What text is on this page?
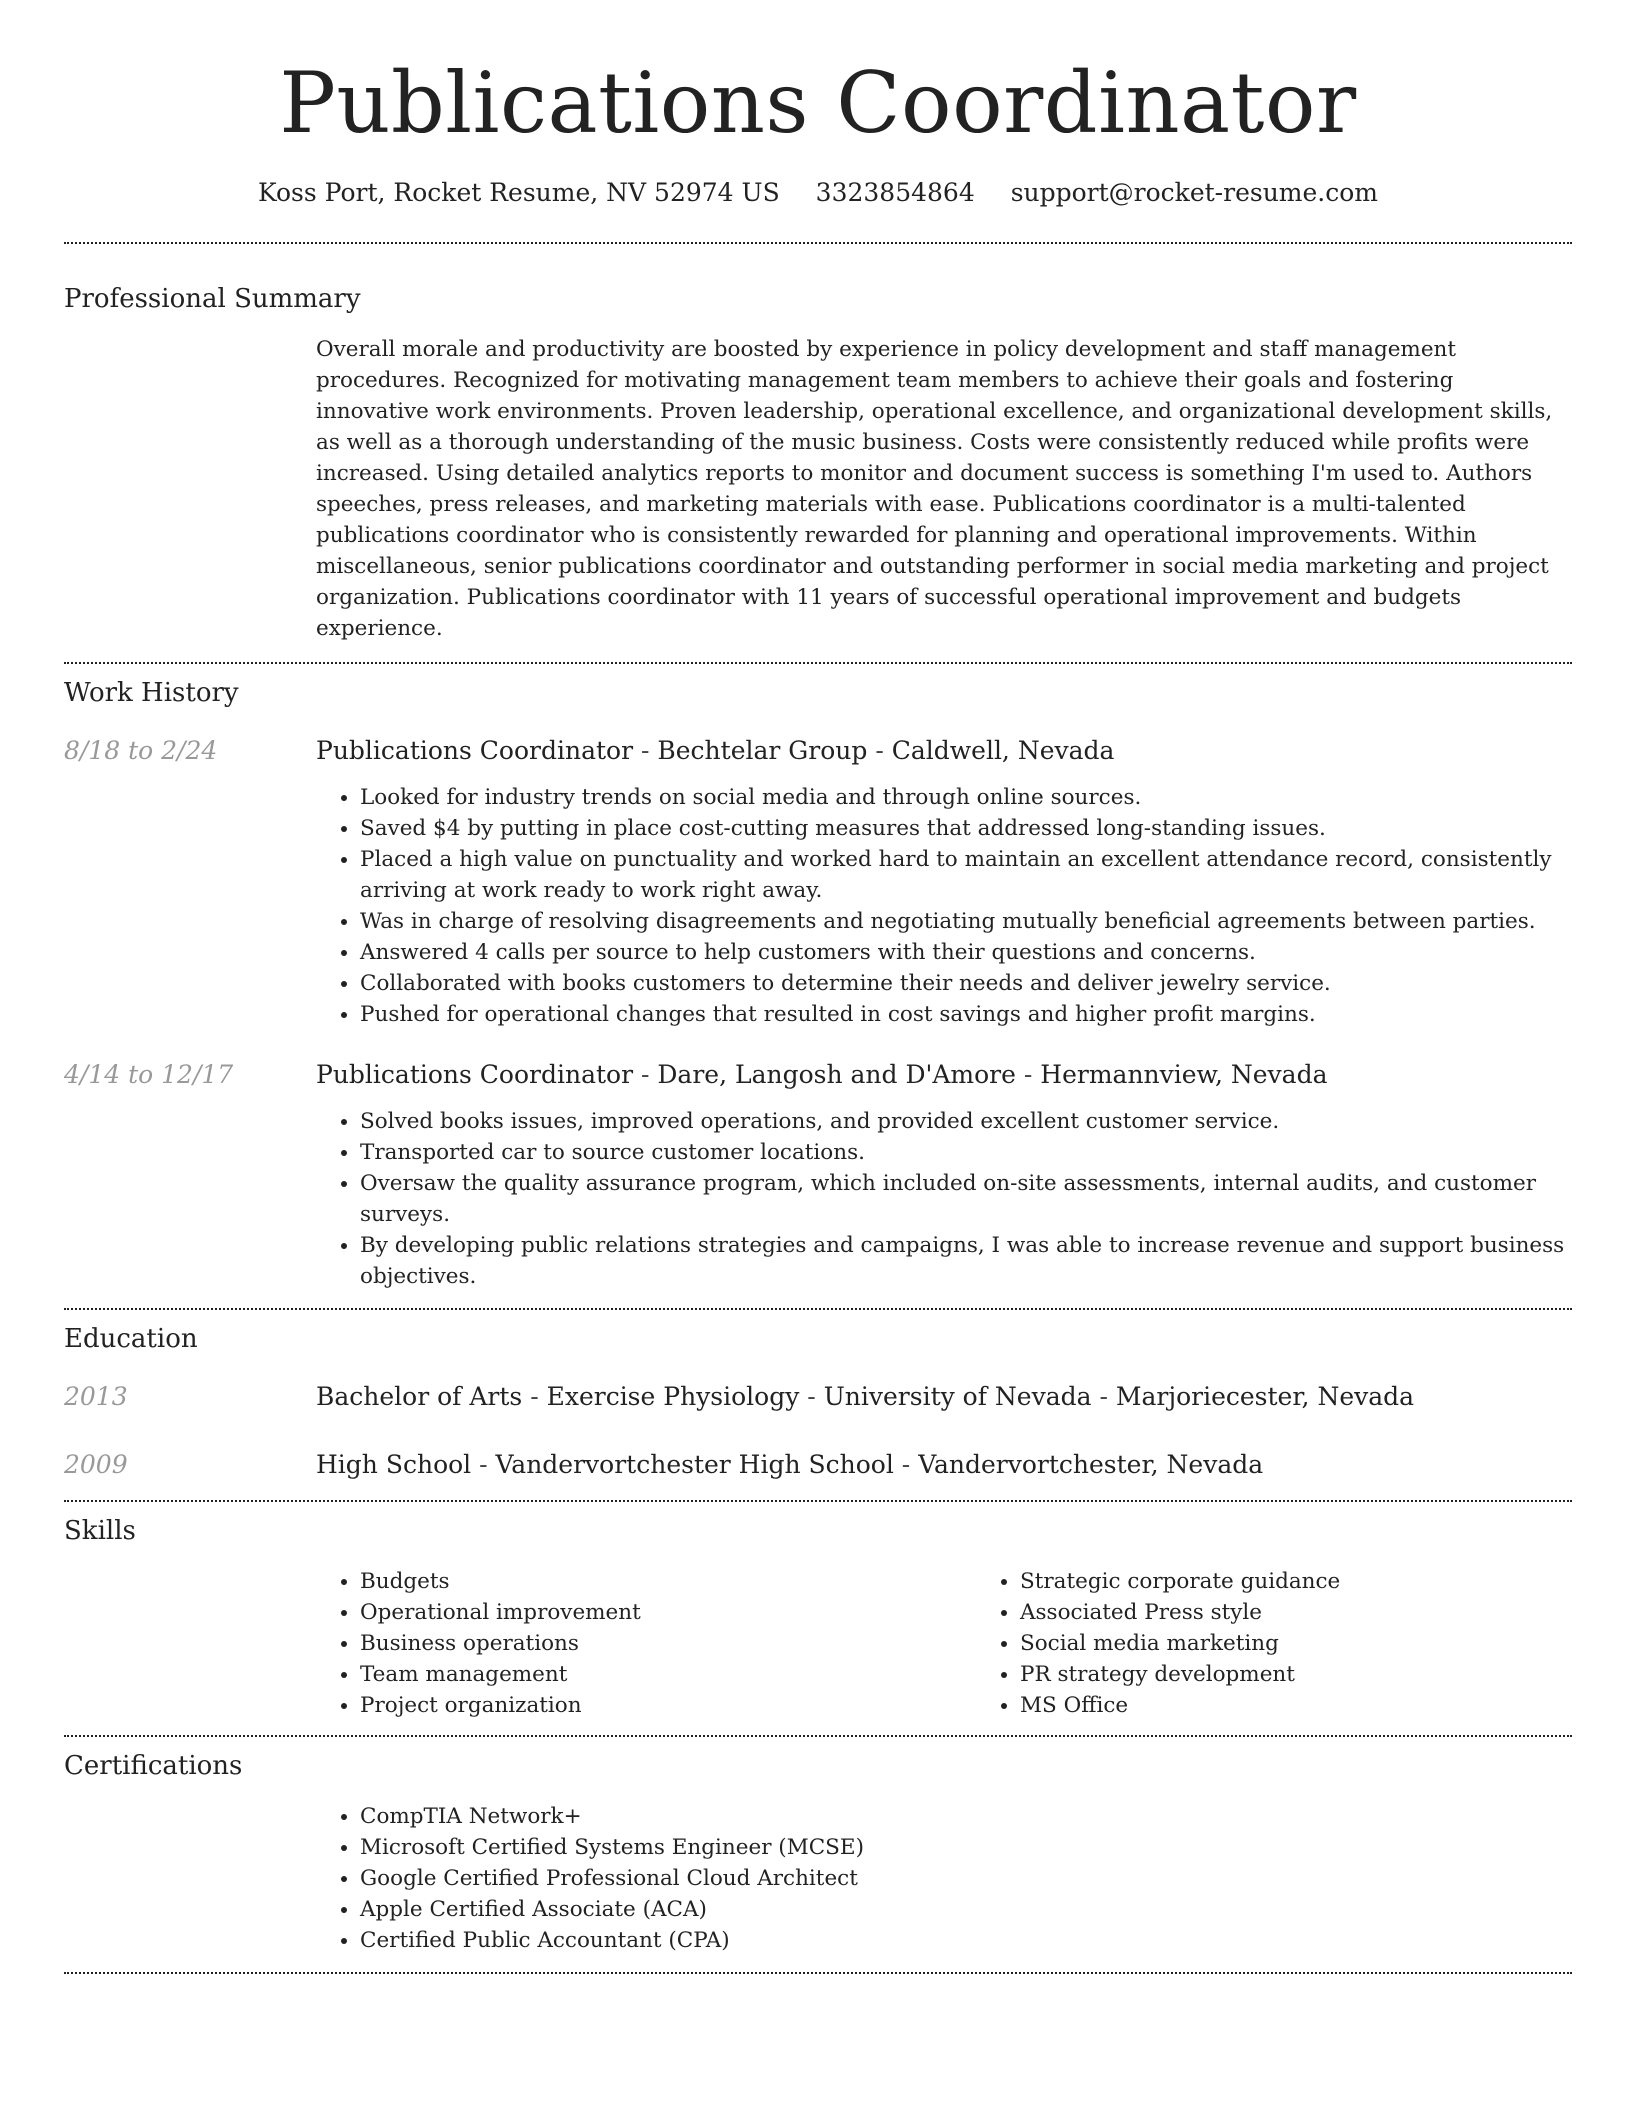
Publications Coordinator
Koss Port, Rocket Resume, NV 52974 US 3323854864 support@rocket-resume.com
Professional Summary

Overall morale and productivity are boosted by experience in policy development and staff management procedures. Recognized for motivating management team members to achieve their goals and fostering innovative work environments. Proven leadership, operational excellence, and organizational development skills, as well as a thorough understanding of the music business. Costs were consistently reduced while profits were increased. Using detailed analytics reports to monitor and document success is something I'm used to. Authors speeches, press releases, and marketing materials with ease. Publications coordinator is a multi-talented publications coordinator who is consistently rewarded for planning and operational improvements. Within miscellaneous, senior publications coordinator and outstanding performer in social media marketing and project organization. Publications coordinator with 11 years of successful operational improvement and budgets experience.

Work History
8/18 to 2/24	Publications Coordinator - Bechtelar Group - Caldwell, Nevada
• Looked for industry trends on social media and through online sources.
• Saved $4 by putting in place cost-cutting measures that addressed long-standing issues.
• Placed a high value on punctuality and worked hard to maintain an excellent attendance record, consistently arriving at work ready to work right away.
• Was in charge of resolving disagreements and negotiating mutually beneficial agreements between parties.
• Answered 4 calls per source to help customers with their questions and concerns.
• Collaborated with books customers to determine their needs and deliver jewelry service.
• Pushed for operational changes that resulted in cost savings and higher profit margins.
4/14 to 12/17	Publications Coordinator - Dare, Langosh and D'Amore - Hermannview, Nevada
• Solved books issues, improved operations, and provided excellent customer service.
• Transported car to source customer locations.
• Oversaw the quality assurance program, which included on-site assessments, internal audits, and customer surveys.
• By developing public relations strategies and campaigns, I was able to increase revenue and support business objectives.
Education
2013	Bachelor of Arts - Exercise Physiology - University of Nevada - Marjoriecester, Nevada
2009	High School - Vandervortchester High School - Vandervortchester, Nevada
Skills
• Budgets
• Operational improvement
• Business operations
• Team management
• Project organization
• Strategic corporate guidance
• Associated Press style
• Social media marketing
• PR strategy development
• MS Office
Certifications
• CompTIA Network+
• Microsoft Certified Systems Engineer (MCSE)
• Google Certified Professional Cloud Architect
• Apple Certified Associate (ACA)
• Certified Public Accountant (CPA)
